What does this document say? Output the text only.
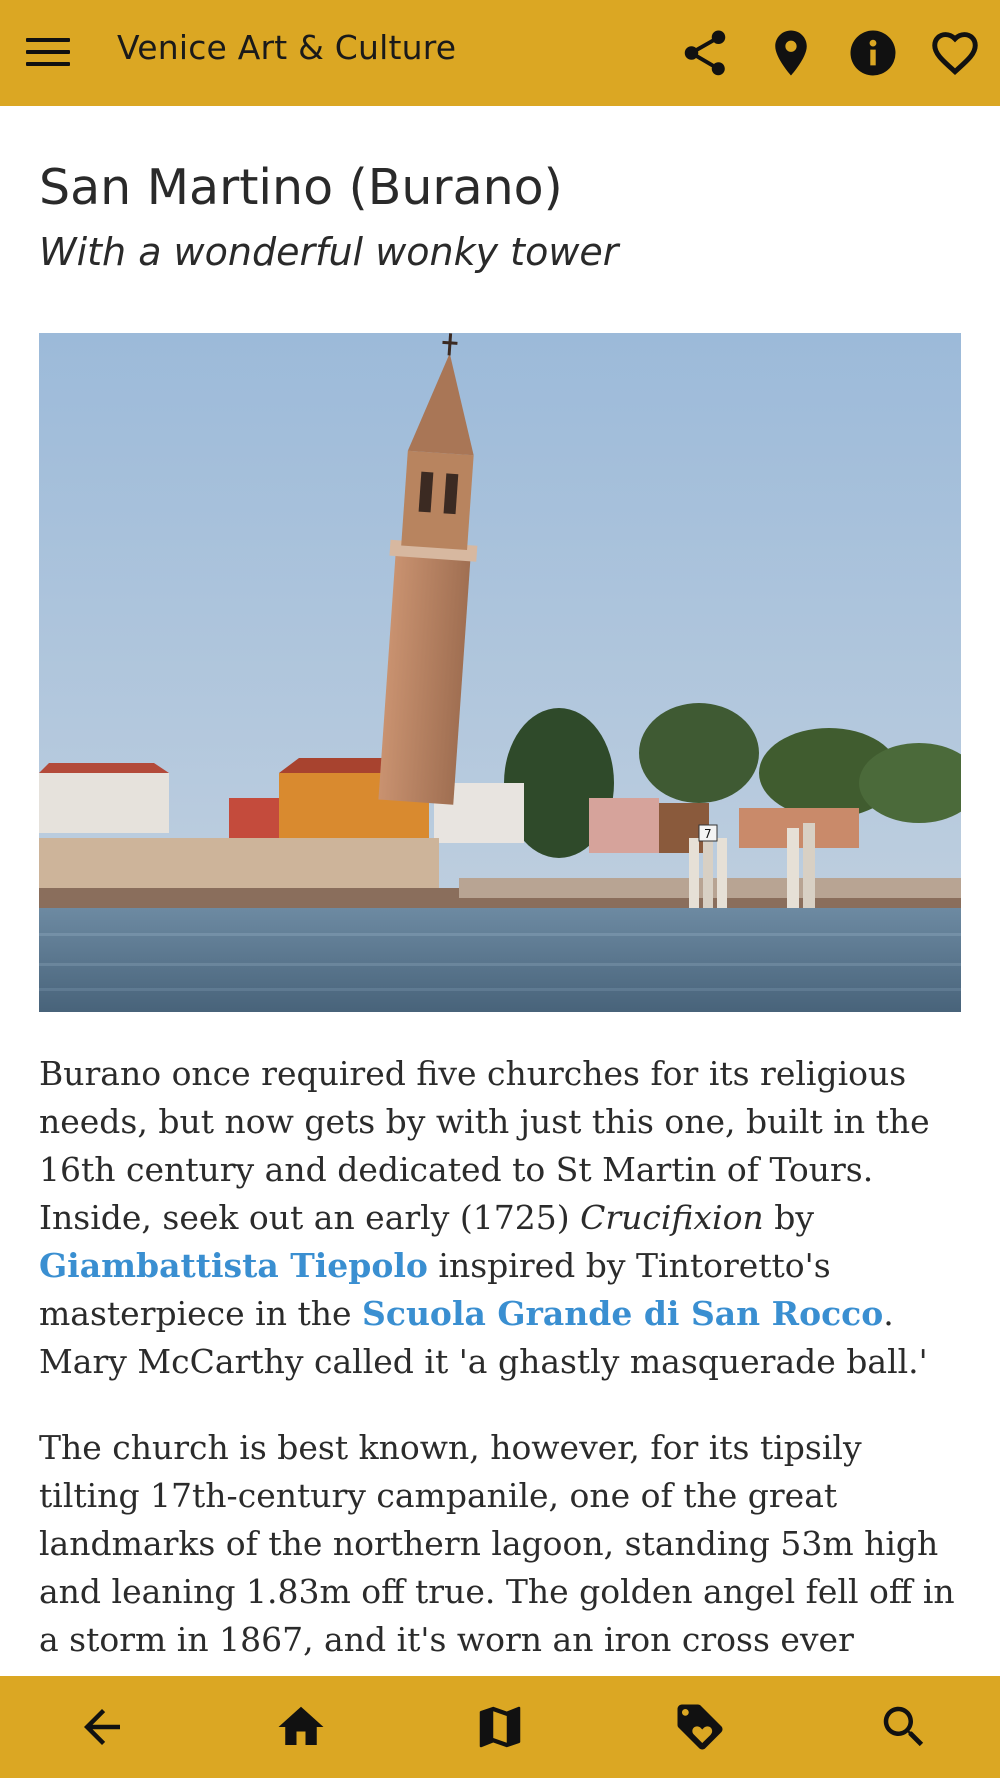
Venice Art & Culture
San Martino (Burano)
With a wonderful wonky tower
7

Burano once required five churches for its religious needs, but now gets by with just this one, built in the 16th century and dedicated to St Martin of Tours. Inside, seek out an early (1725) Crucifixion by Giambattista Tiepolo inspired by Tintoretto's masterpiece in the Scuola Grande di San Rocco. Mary McCarthy called it 'a ghastly masquerade ball.'

The church is best known, however, for its tipsily tilting 17th-century campanile, one of the great landmarks of the northern lagoon, standing 53m high and leaning 1.83m off true. The golden angel fell off in a storm in 1867, and it's worn an iron cross ever
